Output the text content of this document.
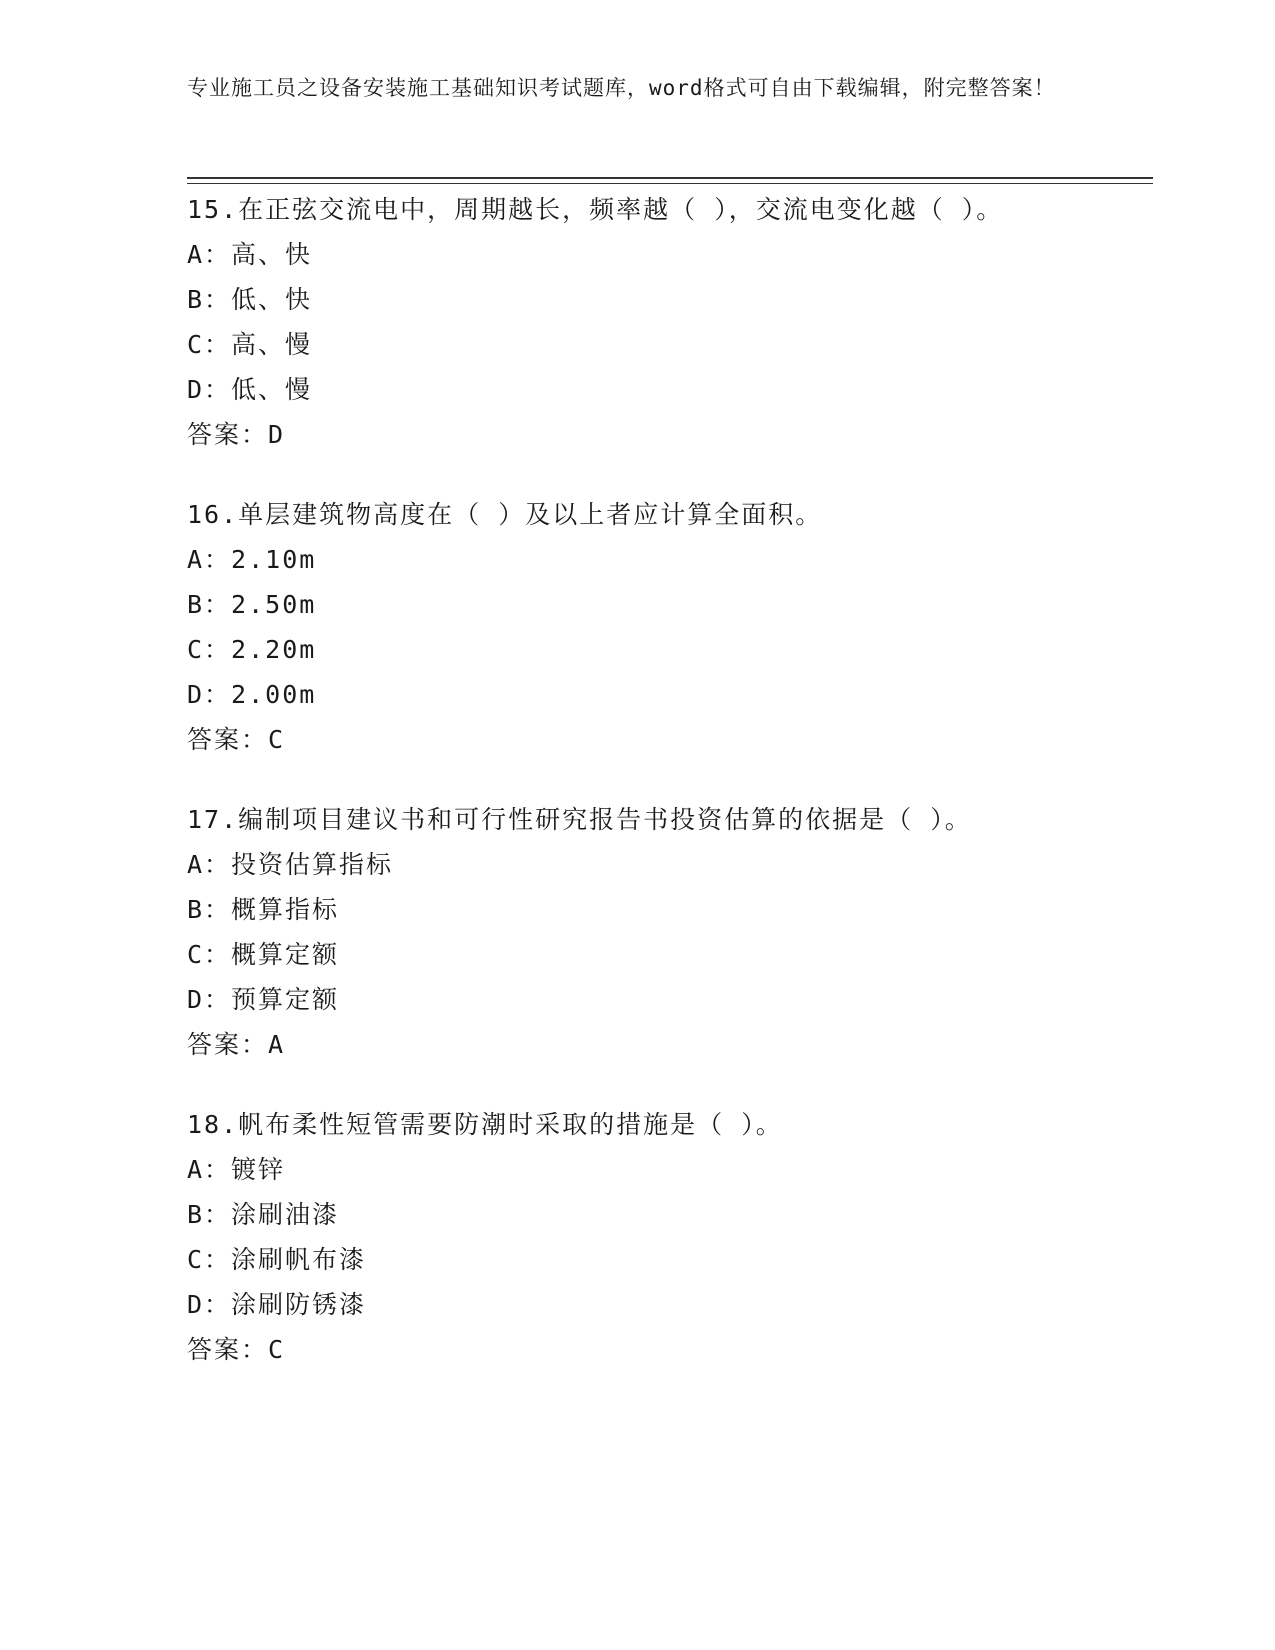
专业施工员之设备安装施工基础知识考试题库，word格式可自由下载编辑，附完整答案！
15.在正弦交流电中，周期越长，频率越（ ），交流电变化越（ ）。
A：高、快
B：低、快
C：高、慢
D：低、慢
答案：D
16.单层建筑物高度在（ ）及以上者应计算全面积。
A：2.10m
B：2.50m
C：2.20m
D：2.00m
答案：C
17.编制项目建议书和可行性研究报告书投资估算的依据是（ ）。
A：投资估算指标
B：概算指标
C：概算定额
D：预算定额
答案：A
18.帆布柔性短管需要防潮时采取的措施是（ ）。
A：镀锌
B：涂刷油漆
C：涂刷帆布漆
D：涂刷防锈漆
答案：C
